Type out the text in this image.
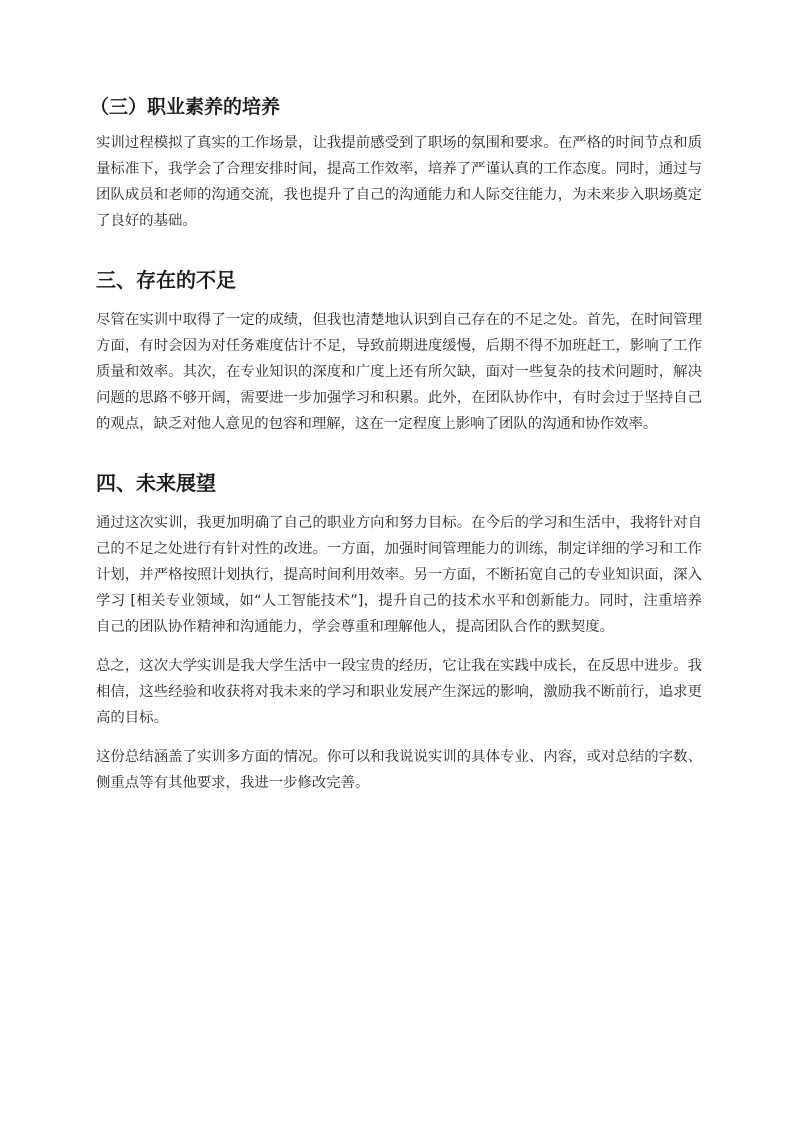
（三）职业素养的培养

实训过程模拟了真实的工作场景，让我提前感受到了职场的氛围和要求。在严格的时间节点和质量标准下，我学会了合理安排时间，提高工作效率，培养了严谨认真的工作态度。同时，通过与团队成员和老师的沟通交流，我也提升了自己的沟通能力和人际交往能力，为未来步入职场奠定了良好的基础。

三、存在的不足

尽管在实训中取得了一定的成绩，但我也清楚地认识到自己存在的不足之处。首先，在时间管理方面，有时会因为对任务难度估计不足，导致前期进度缓慢，后期不得不加班赶工，影响了工作质量和效率。其次，在专业知识的深度和广度上还有所欠缺，面对一些复杂的技术问题时，解决问题的思路不够开阔，需要进一步加强学习和积累。此外，在团队协作中，有时会过于坚持自己的观点，缺乏对他人意见的包容和理解，这在一定程度上影响了团队的沟通和协作效率。

四、未来展望

通过这次实训，我更加明确了自己的职业方向和努力目标。在今后的学习和生活中，我将针对自己的不足之处进行有针对性的改进。一方面，加强时间管理能力的训练，制定详细的学习和工作计划，并严格按照计划执行，提高时间利用效率。另一方面，不断拓宽自己的专业知识面，深入学习 [相关专业领域，如“人工智能技术”]，提升自己的技术水平和创新能力。同时，注重培养自己的团队协作精神和沟通能力，学会尊重和理解他人，提高团队合作的默契度。

总之，这次大学实训是我大学生活中一段宝贵的经历，它让我在实践中成长，在反思中进步。我相信，这些经验和收获将对我未来的学习和职业发展产生深远的影响，激励我不断前行，追求更高的目标。

这份总结涵盖了实训多方面的情况。你可以和我说说实训的具体专业、内容，或对总结的字数、侧重点等有其他要求，我进一步修改完善。
